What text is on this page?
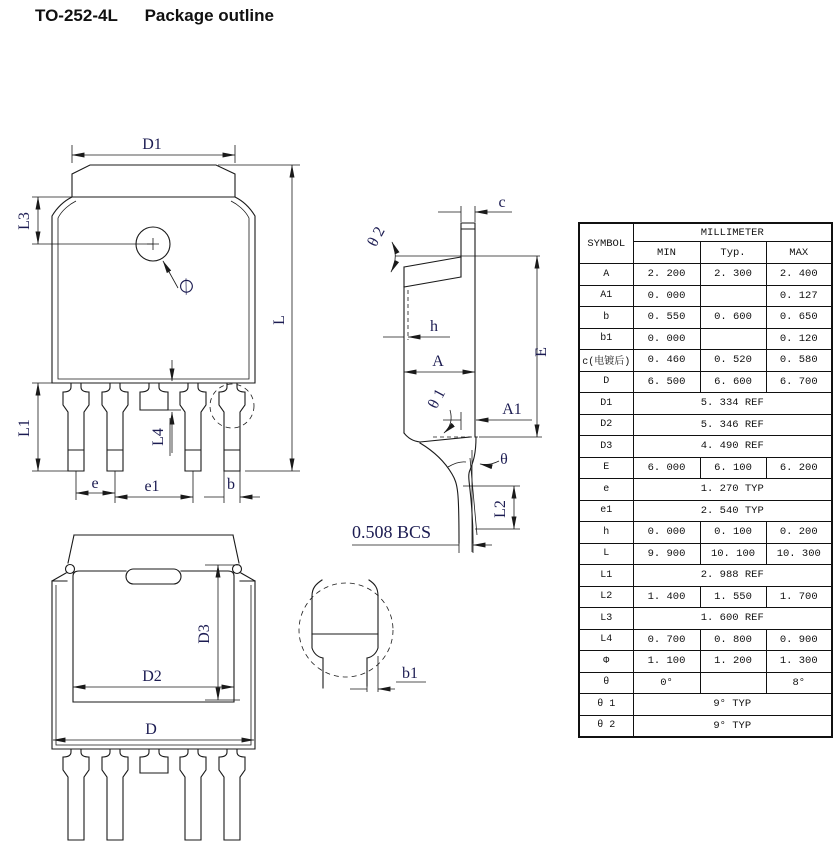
TO-252-4L Package outline
∅
D1
L
L3
L1
L4
e	e1	b
c
θ 2
h
A
θ 1	A1
θ
E
L2
0.508 BCS
D3
D2
D
b1
SYMBOL	MILLIMETER		
	MIN	Typ.	MAX
A	2. 200	2. 300	2. 400
A1	0. 000		0. 127
b	0. 550	0. 600	0. 650
b1	0. 000		0. 120
c(电镀后)	0. 460	0. 520	0. 580
D	6. 500	6. 600	6. 700
D1	5. 334 REF		
D2	5. 346 REF		
D3	4. 490 REF		
E	6. 000	6. 100	6. 200
e	1. 270 TYP		
e1	2. 540 TYP		
h	0. 000	0. 100	0. 200
L	9. 900	10. 100	10. 300
L1	2. 988 REF		
L2	1. 400	1. 550	1. 700
L3	1. 600 REF		
L4	0. 700	0. 800	0. 900
Φ	1. 100	1. 200	1. 300
θ	0°		8°
θ 1	9° TYP		
θ 2	9° TYP		
